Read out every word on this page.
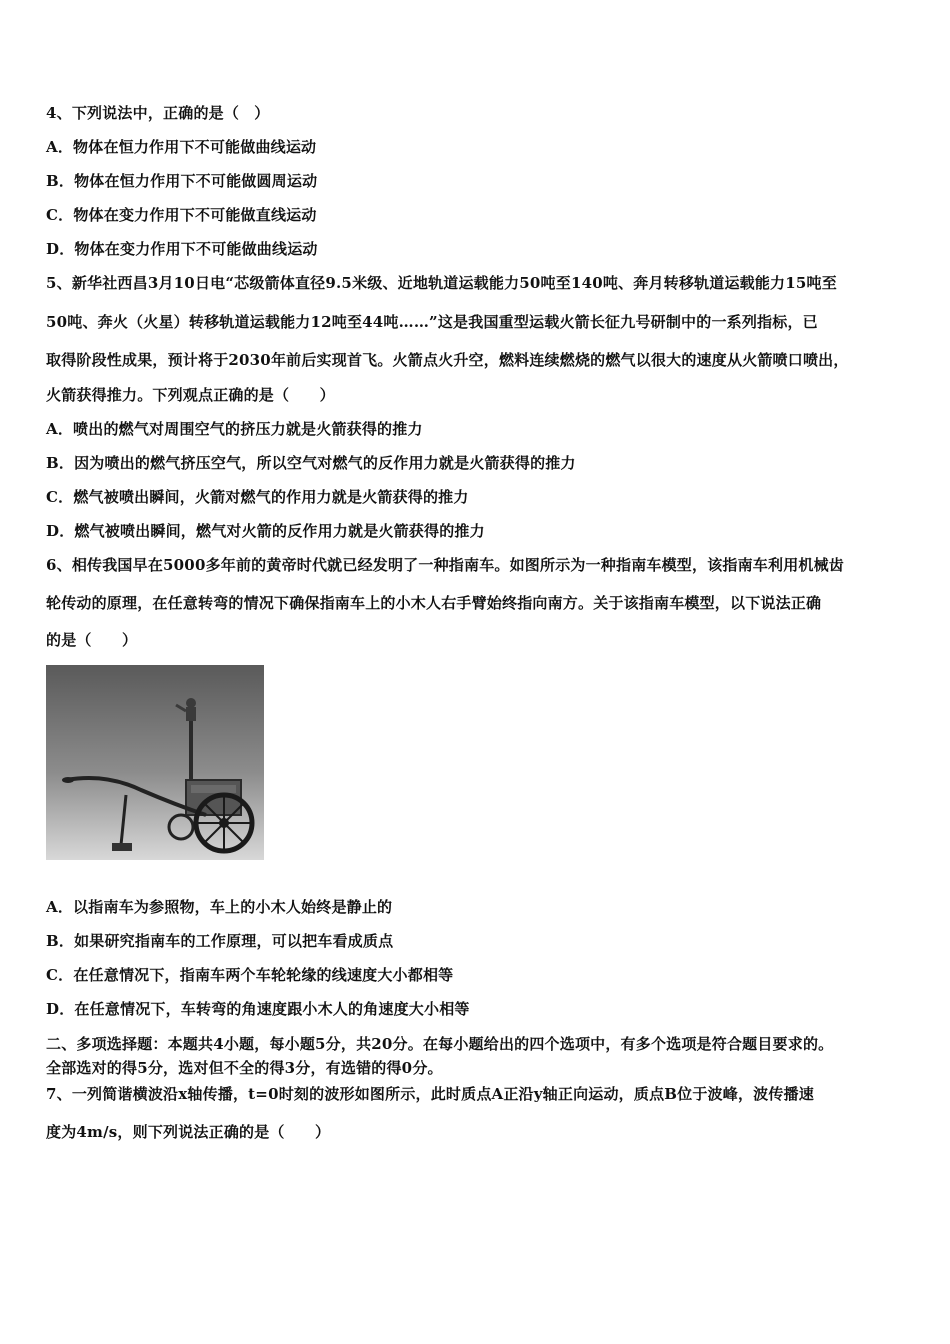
4、下列说法中，正确的是（　）
A．物体在恒力作用下不可能做曲线运动
B．物体在恒力作用下不可能做圆周运动
C．物体在变力作用下不可能做直线运动
D．物体在变力作用下不可能做曲线运动
5、新华社西昌3月10日电“芯级箭体直径9.5米级、近地轨道运载能力50吨至140吨、奔月转移轨道运载能力15吨至
50吨、奔火（火星）转移轨道运载能力12吨至44吨……”这是我国重型运载火箭长征九号研制中的一系列指标，已
取得阶段性成果，预计将于2030年前后实现首飞。火箭点火升空，燃料连续燃烧的燃气以很大的速度从火箭喷口喷出，
火箭获得推力。下列观点正确的是（　　）
A．喷出的燃气对周围空气的挤压力就是火箭获得的推力
B．因为喷出的燃气挤压空气，所以空气对燃气的反作用力就是火箭获得的推力
C．燃气被喷出瞬间，火箭对燃气的作用力就是火箭获得的推力
D．燃气被喷出瞬间，燃气对火箭的反作用力就是火箭获得的推力
6、相传我国早在5000多年前的黄帝时代就已经发明了一种指南车。如图所示为一种指南车模型，该指南车利用机械齿
轮传动的原理，在任意转弯的情况下确保指南车上的小木人右手臂始终指向南方。关于该指南车模型，以下说法正确
的是（　　）
A．以指南车为参照物，车上的小木人始终是静止的
B．如果研究指南车的工作原理，可以把车看成质点
C．在任意情况下，指南车两个车轮轮缘的线速度大小都相等
D．在任意情况下，车转弯的角速度跟小木人的角速度大小相等
二、多项选择题：本题共4小题，每小题5分，共20分。在每小题给出的四个选项中，有多个选项是符合题目要求的。
全部选对的得5分，选对但不全的得3分，有选错的得0分。
7、一列简谐横波沿x轴传播，t=0时刻的波形如图所示，此时质点A正沿y轴正向运动，质点B位于波峰，波传播速
度为4m/s，则下列说法正确的是（　　）
